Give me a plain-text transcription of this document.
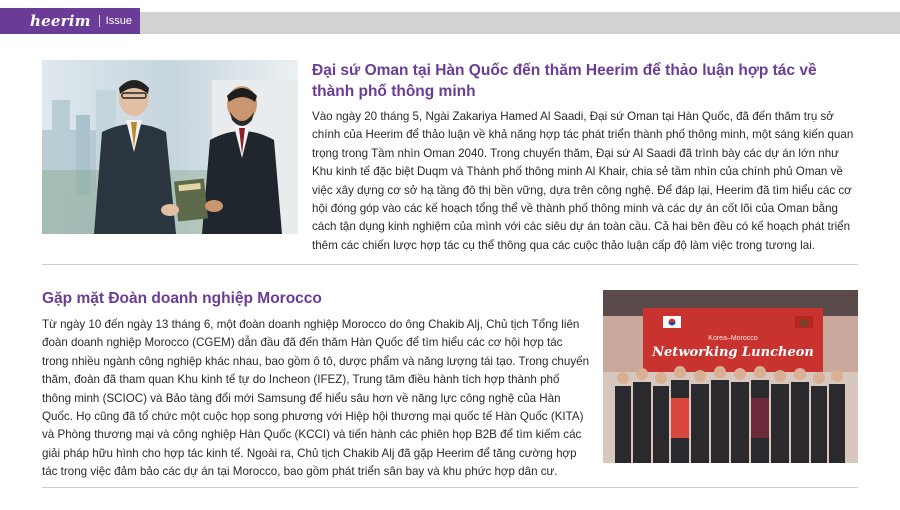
heerim Issue
Đại sứ Oman tại Hàn Quốc đến thăm Heerim để thảo luận hợp tác về thành phố thông minh
Vào ngày 20 tháng 5, Ngài Zakariya Hamed Al Saadi, Đại sứ Oman tại Hàn Quốc, đã đến thăm trụ sở chính của Heerim để thảo luận về khả năng hợp tác phát triển thành phố thông minh, một sáng kiến quan trọng trong Tầm nhìn Oman 2040. Trong chuyến thăm, Đại sứ Al Saadi đã trình bày các dự án lớn như Khu kinh tế đặc biệt Duqm và Thành phố thông minh Al Khair, chia sẻ tầm nhìn của chính phủ Oman về việc xây dựng cơ sở hạ tầng đô thị bền vững, dựa trên công nghệ. Để đáp lại, Heerim đã tìm hiểu các cơ hội đóng góp vào các kế hoạch tổng thể về thành phố thông minh và các dự án cốt lõi của Oman bằng cách tận dụng kinh nghiệm của mình với các siêu dự án toàn cầu. Cả hai bên đều có kế hoạch phát triển thêm các chiến lược hợp tác cụ thể thông qua các cuộc thảo luận cấp độ làm việc trong tương lai.
Gặp mặt Đoàn doanh nghiệp Morocco
Từ ngày 10 đến ngày 13 tháng 6, một đoàn doanh nghiệp Morocco do ông Chakib Alj, Chủ tịch Tổng liên đoàn doanh nghiệp Morocco (CGEM) dẫn đầu đã đến thăm Hàn Quốc để tìm hiểu các cơ hội hợp tác trong nhiều ngành công nghiệp khác nhau, bao gồm ô tô, dược phẩm và năng lượng tái tạo. Trong chuyến thăm, đoàn đã tham quan Khu kinh tế tự do Incheon (IFEZ), Trung tâm điều hành tích hợp thành phố thông minh (SCIOC) và Bảo tàng đổi mới Samsung để hiểu sâu hơn về năng lực công nghệ của Hàn Quốc. Họ cũng đã tổ chức một cuộc họp song phương với Hiệp hội thương mại quốc tế Hàn Quốc (KITA) và Phòng thương mại và công nghiệp Hàn Quốc (KCCI) và tiến hành các phiên họp B2B để tìm kiếm các giải pháp hữu hình cho hợp tác kinh tế. Ngoài ra, Chủ tịch Chakib Alj đã gặp Heerim để tăng cường hợp tác trong việc đảm bảo các dự án tại Morocco, bao gồm phát triển sân bay và khu phức hợp dân cư.
Korea–Morocco
Networking Luncheon
